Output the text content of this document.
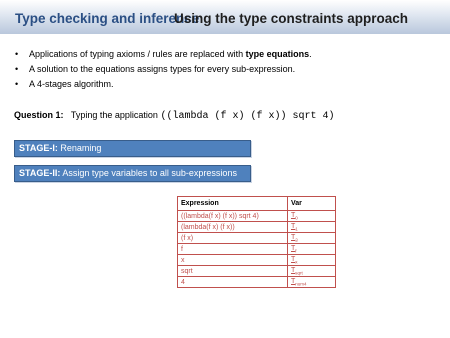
Type checking and inference
Using the type constraints approach
• Applications of typing axioms / rules are replaced with type equations.
• A solution to the equations assigns types for every sub-expression.
• A 4-stages algorithm.
Question 1: Typing the application ((lambda (f x) (f x)) sqrt 4)
STAGE-I: Renaming
STAGE-II: Assign type variables to all sub-expressions
Expression	Var
((lambda(f x) (f x)) sqrt 4)	$T_0$
(lambda(f x) (f x))	$T_1$
(f x)	$T_2$
f	$T_f$
x	$T_x$
sqrt	$T_{sqrt}$
4	$T_{num4}$
